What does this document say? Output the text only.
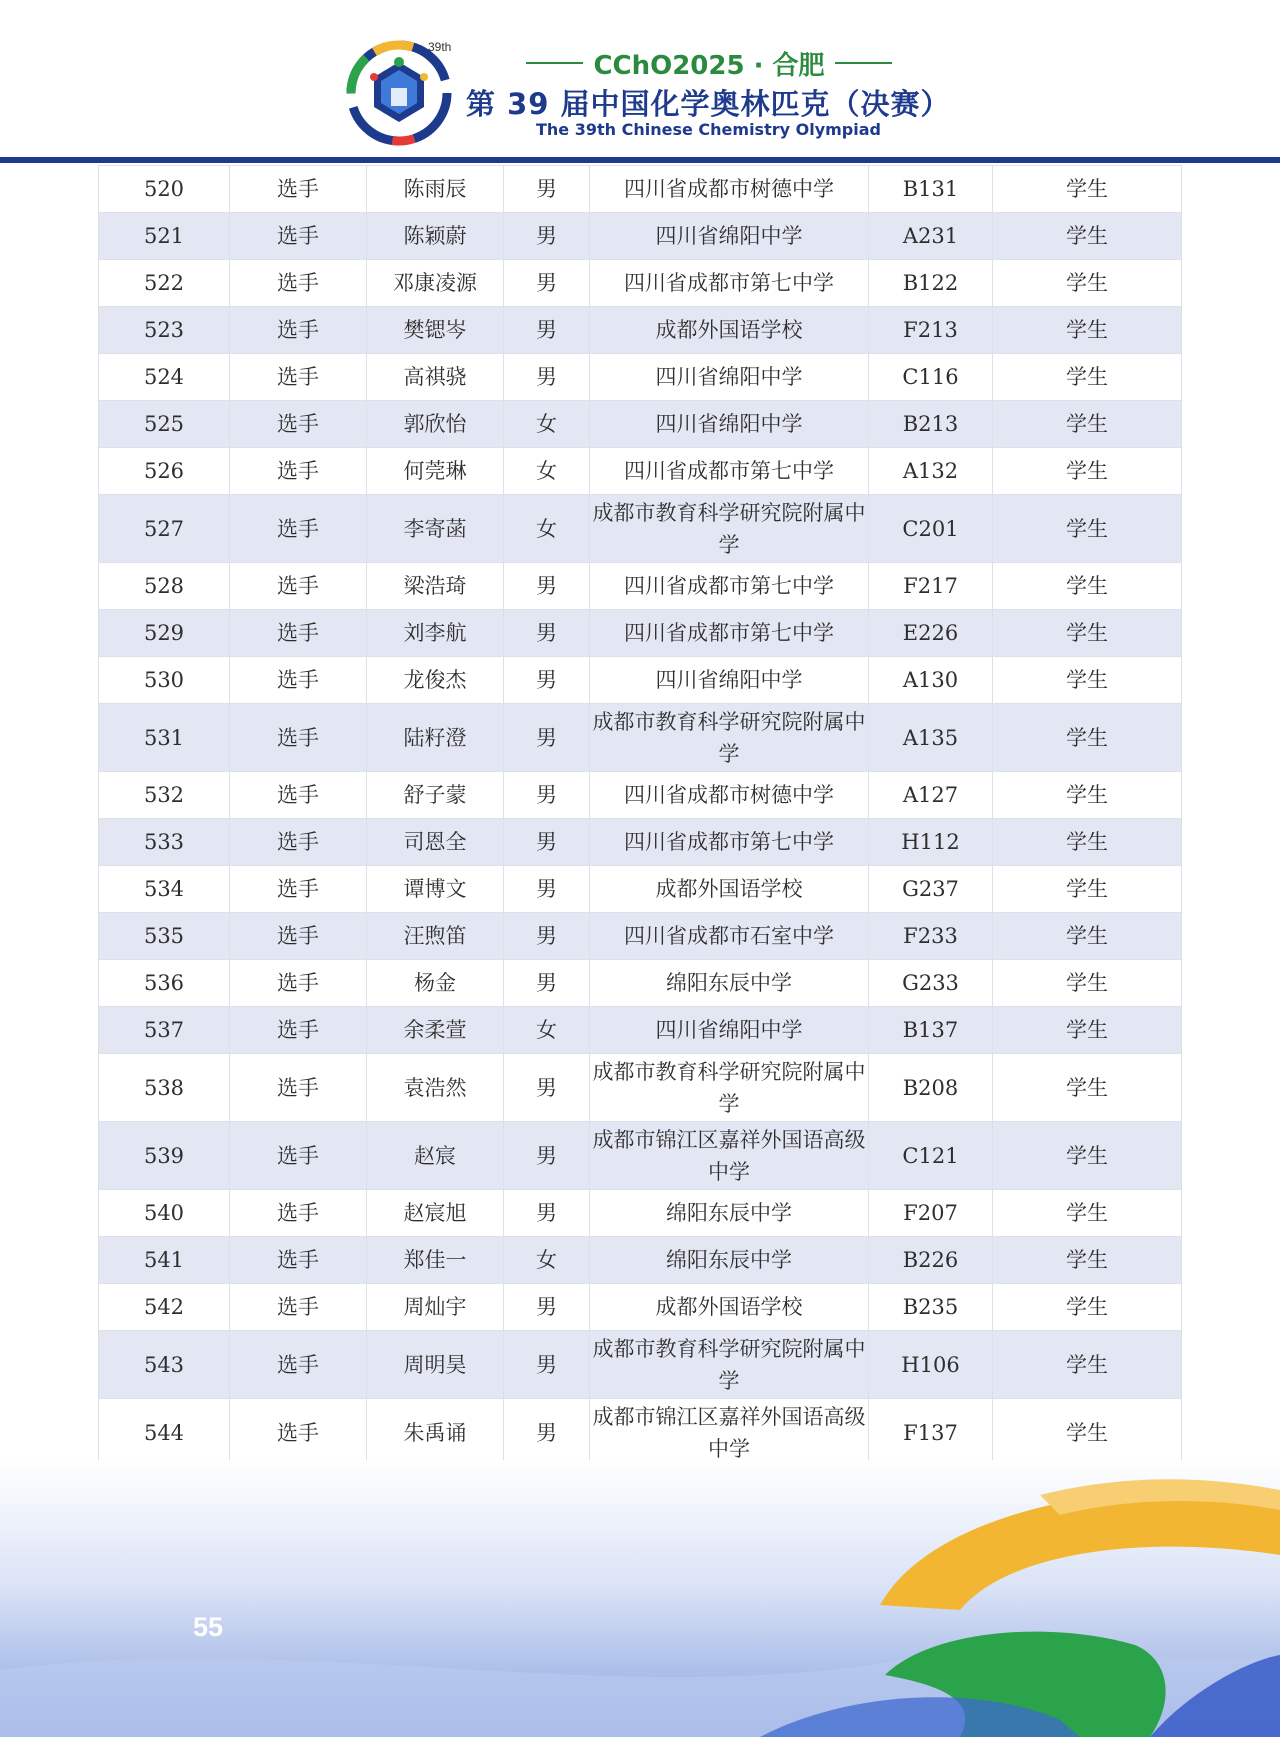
39th
CChO2025 · 合肥
第 39 届中国化学奥林匹克（决赛）
The 39th Chinese Chemistry Olympiad
520	选手	陈雨辰	男	四川省成都市树德中学	B131	学生
521	选手	陈颖蔚	男	四川省绵阳中学	A231	学生
522	选手	邓康凌源	男	四川省成都市第七中学	B122	学生
523	选手	樊锶岑	男	成都外国语学校	F213	学生
524	选手	高祺骁	男	四川省绵阳中学	C116	学生
525	选手	郭欣怡	女	四川省绵阳中学	B213	学生
526	选手	何莞琳	女	四川省成都市第七中学	A132	学生
527	选手	李寄菡	女	成都市教育科学研究院附属中学	C201	学生
528	选手	梁浩琦	男	四川省成都市第七中学	F217	学生
529	选手	刘李航	男	四川省成都市第七中学	E226	学生
530	选手	龙俊杰	男	四川省绵阳中学	A130	学生
531	选手	陆籽澄	男	成都市教育科学研究院附属中学	A135	学生
532	选手	舒子蒙	男	四川省成都市树德中学	A127	学生
533	选手	司恩全	男	四川省成都市第七中学	H112	学生
534	选手	谭博文	男	成都外国语学校	G237	学生
535	选手	汪煦笛	男	四川省成都市石室中学	F233	学生
536	选手	杨金	男	绵阳东辰中学	G233	学生
537	选手	余柔萱	女	四川省绵阳中学	B137	学生
538	选手	袁浩然	男	成都市教育科学研究院附属中学	B208	学生
539	选手	赵宸	男	成都市锦江区嘉祥外国语高级中学	C121	学生
540	选手	赵宸旭	男	绵阳东辰中学	F207	学生
541	选手	郑佳一	女	绵阳东辰中学	B226	学生
542	选手	周灿宇	男	成都外国语学校	B235	学生
543	选手	周明昊	男	成都市教育科学研究院附属中学	H106	学生
544	选手	朱禹诵	男	成都市锦江区嘉祥外国语高级中学	F137	学生
55
